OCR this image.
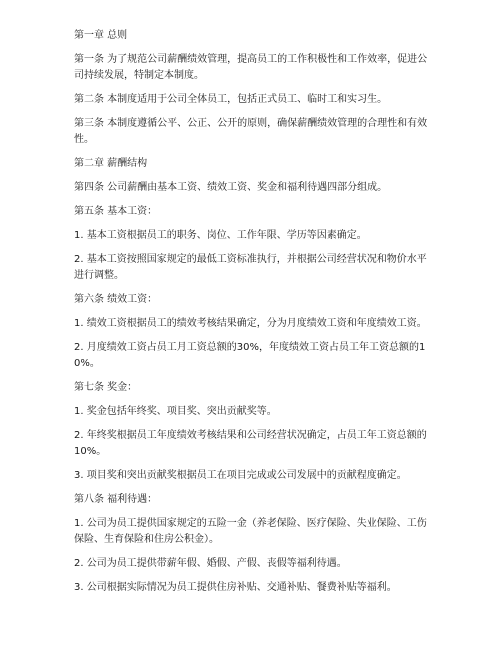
第一章 总则

第一条 为了规范公司薪酬绩效管理，提高员工的工作积极性和工作效率，促进公司持续发展，特制定本制度。

第二条 本制度适用于公司全体员工，包括正式员工、临时工和实习生。

第三条 本制度遵循公平、公正、公开的原则，确保薪酬绩效管理的合理性和有效性。

第二章 薪酬结构

第四条 公司薪酬由基本工资、绩效工资、奖金和福利待遇四部分组成。

第五条 基本工资：

1. 基本工资根据员工的职务、岗位、工作年限、学历等因素确定。

2. 基本工资按照国家规定的最低工资标准执行，并根据公司经营状况和物价水平进行调整。

第六条 绩效工资：

1. 绩效工资根据员工的绩效考核结果确定，分为月度绩效工资和年度绩效工资。

2. 月度绩效工资占员工月工资总额的30%，年度绩效工资占员工年工资总额的10%。

第七条 奖金：

1. 奖金包括年终奖、项目奖、突出贡献奖等。

2. 年终奖根据员工年度绩效考核结果和公司经营状况确定，占员工年工资总额的10%。

3. 项目奖和突出贡献奖根据员工在项目完成或公司发展中的贡献程度确定。

第八条 福利待遇：

1. 公司为员工提供国家规定的五险一金（养老保险、医疗保险、失业保险、工伤保险、生育保险和住房公积金）。

2. 公司为员工提供带薪年假、婚假、产假、丧假等福利待遇。

3. 公司根据实际情况为员工提供住房补贴、交通补贴、餐费补贴等福利。
